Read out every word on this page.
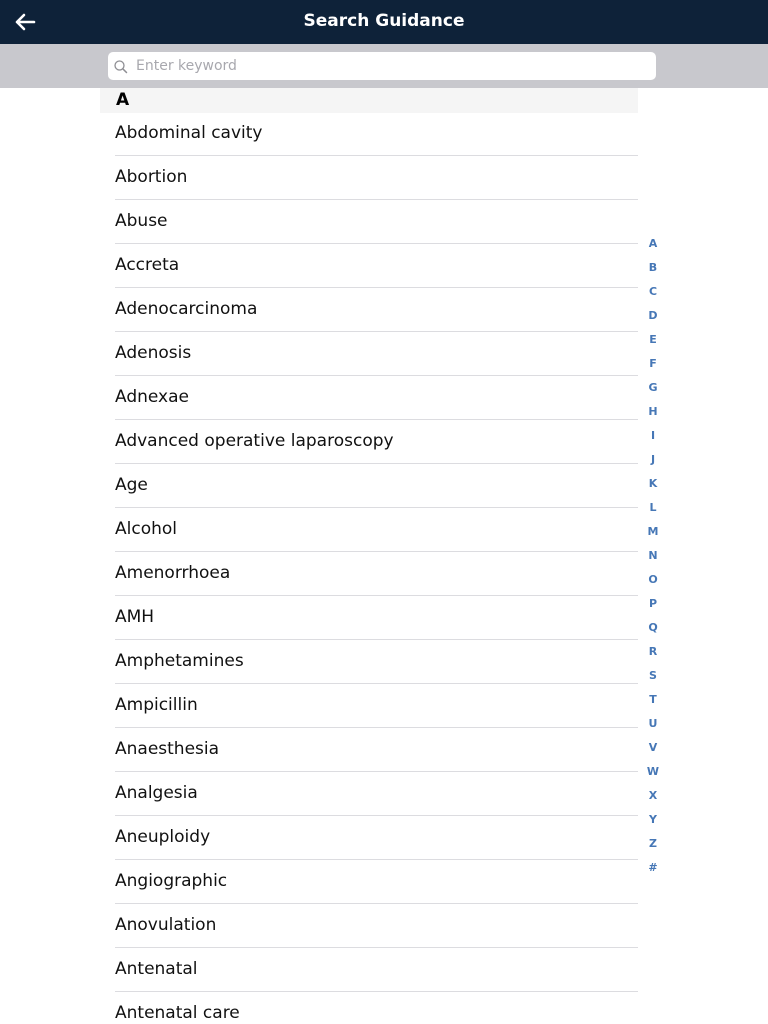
Search Guidance
Enter keyword
A
Abdominal cavity
Abortion
Abuse
Accreta
Adenocarcinoma
Adenosis
Adnexae
Advanced operative laparoscopy
Age
Alcohol
Amenorrhoea
AMH
Amphetamines
Ampicillin
Anaesthesia
Analgesia
Aneuploidy
Angiographic
Anovulation
Antenatal
Antenatal care
A
B
C
D
E
F
G
H
I
J
K
L
M
N
O
P
Q
R
S
T
U
V
W
X
Y
Z
#
